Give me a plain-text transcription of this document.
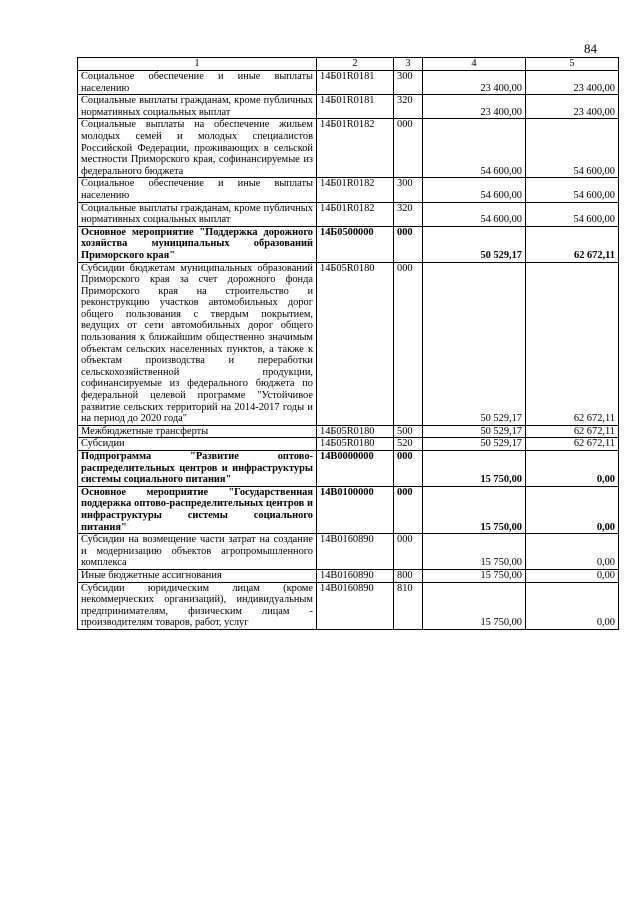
84
1	2	3	4	5
Социальное обеспечение и иные выплаты населению	14Б01R0181	300	23 400,00	23 400,00
Социальные выплаты гражданам, кроме публичных нормативных социальных выплат	14Б01R0181	320	23 400,00	23 400,00
Социальные выплаты на обеспечение жильем молодых семей и молодых специалистов Российской Федерации, проживающих в сельской местности Приморского края, софинансируемые из федерального бюджета	14Б01R0182	000	54 600,00	54 600,00
Социальное обеспечение и иные выплаты населению	14Б01R0182	300	54 600,00	54 600,00
Социальные выплаты гражданам, кроме публичных нормативных социальных выплат	14Б01R0182	320	54 600,00	54 600,00
Основное мероприятие "Поддержка дорожного хозяйства муниципальных образований Приморского края"	14Б0500000	000	50 529,17	62 672,11
Субсидии бюджетам муниципальных образований Приморского края за счет дорожного фонда Приморского края на строительство и реконструкцию участков автомобильных дорог общего пользования с твердым покрытием, ведущих от сети автомобильных дорог общего пользования к ближайшим общественно значимым объектам сельских населенных пунктов, а также к объектам производства и переработки сельскохозяйственной продукции, софинансируемые из федерального бюджета по федеральной целевой программе "Устойчивое развитие сельских территорий на 2014-2017 годы и на период до 2020 года"	14Б05R0180	000	50 529,17	62 672,11
Межбюджетные трансферты	14Б05R0180	500	50 529,17	62 672,11
Субсидии	14Б05R0180	520	50 529,17	62 672,11
Подпрограмма "Развитие оптово-распределительных центров и инфраструктуры системы социального питания"	14В0000000	000	15 750,00	0,00
Основное мероприятие "Государственная поддержка оптово-распределительных центров и инфраструктуры системы социального питания"	14В0100000	000	15 750,00	0,00
Субсидии на возмещение части затрат на создание и модернизацию объектов агропромышленного комплекса	14В0160890	000	15 750,00	0,00
Иные бюджетные ассигнования	14В0160890	800	15 750,00	0,00
Субсидии юридическим лицам (кроме некоммерческих организаций), индивидуальным предпринимателям, физическим лицам - производителям товаров, работ, услуг	14В0160890	810	15 750,00	0,00
